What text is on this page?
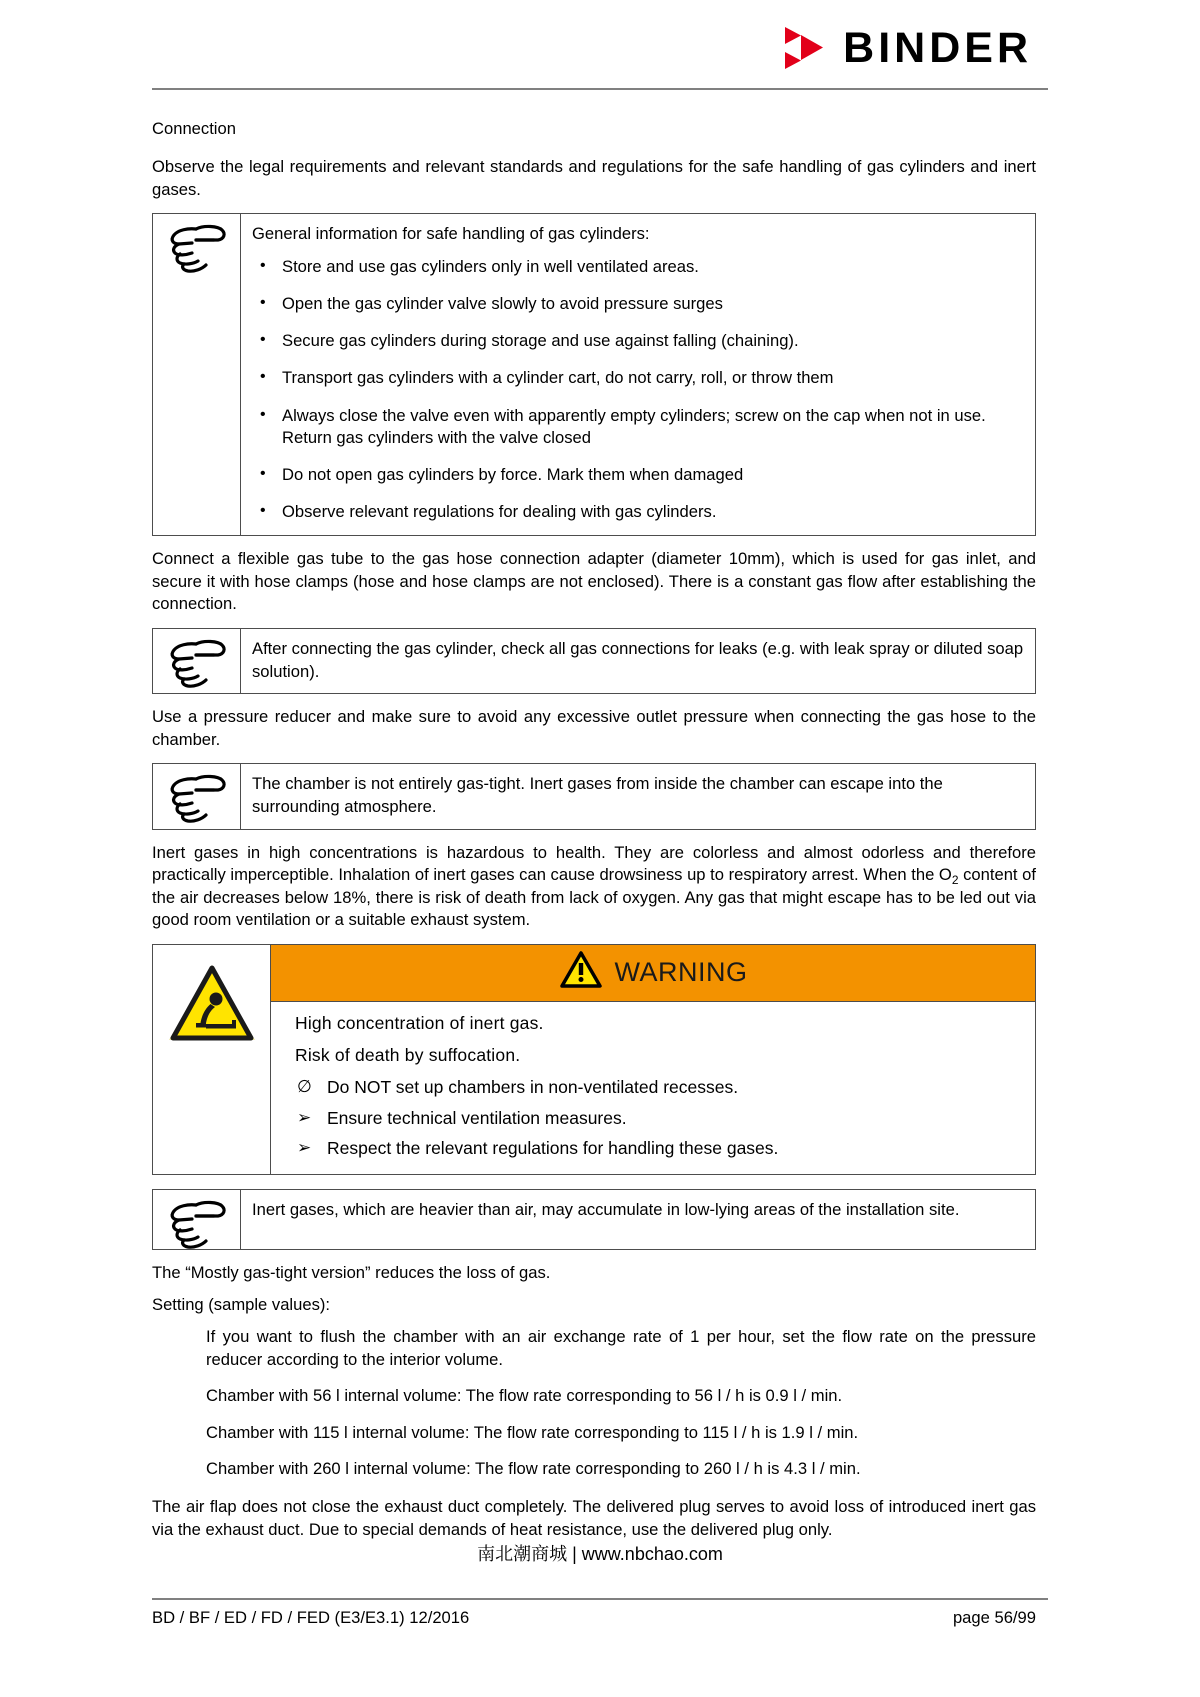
BINDER
Connection

Observe the legal requirements and relevant standards and regulations for the safe handling of gas cylinders and inert gases.

General information for safe handling of gas cylinders:
• Store and use gas cylinders only in well ventilated areas.
• Open the gas cylinder valve slowly to avoid pressure surges
• Secure gas cylinders during storage and use against falling (chaining).
• Transport gas cylinders with a cylinder cart, do not carry, roll, or throw them
• Always close the valve even with apparently empty cylinders; screw on the cap when not in use. Return gas cylinders with the valve closed
• Do not open gas cylinders by force. Mark them when damaged
• Observe relevant regulations for dealing with gas cylinders.

Connect a flexible gas tube to the gas hose connection adapter (diameter 10mm), which is used for gas inlet, and secure it with hose clamps (hose and hose clamps are not enclosed). There is a constant gas flow after establishing the connection.

After connecting the gas cylinder, check all gas connections for leaks (e.g. with leak spray or diluted soap solution).

Use a pressure reducer and make sure to avoid any excessive outlet pressure when connecting the gas hose to the chamber.

The chamber is not entirely gas-tight. Inert gases from inside the chamber can escape into the surrounding atmosphere.

Inert gases in high concentrations is hazardous to health. They are colorless and almost odorless and therefore practically imperceptible. Inhalation of inert gases can cause drowsiness up to respiratory arrest. When the $O_2$ content of the air decreases below 18%, there is risk of death from lack of oxygen. Any gas that might escape has to be led out via good room ventilation or a suitable exhaust system.

WARNING

High concentration of inert gas.

Risk of death by suffocation.

∅ Do NOT set up chambers in non-ventilated recesses.
➢ Ensure technical ventilation measures.
➢ Respect the relevant regulations for handling these gases.

Inert gases, which are heavier than air, may accumulate in low-lying areas of the installation site.

The “Mostly gas-tight version” reduces the loss of gas.

Setting (sample values):

If you want to flush the chamber with an air exchange rate of 1 per hour, set the flow rate on the pressure reducer according to the interior volume.

Chamber with 56 l internal volume: The flow rate corresponding to 56 l / h is 0.9 l / min.

Chamber with 115 l internal volume: The flow rate corresponding to 115 l / h is 1.9 l / min.

Chamber with 260 l internal volume: The flow rate corresponding to 260 l / h is 4.3 l / min.

The air flap does not close the exhaust duct completely. The delivered plug serves to avoid loss of introduced inert gas via the exhaust duct. Due to special demands of heat resistance, use the delivered plug only.

南北潮商城 | www.nbchao.com
BD / BF / ED / FD / FED (E3/E3.1) 12/2016	page 56/99
